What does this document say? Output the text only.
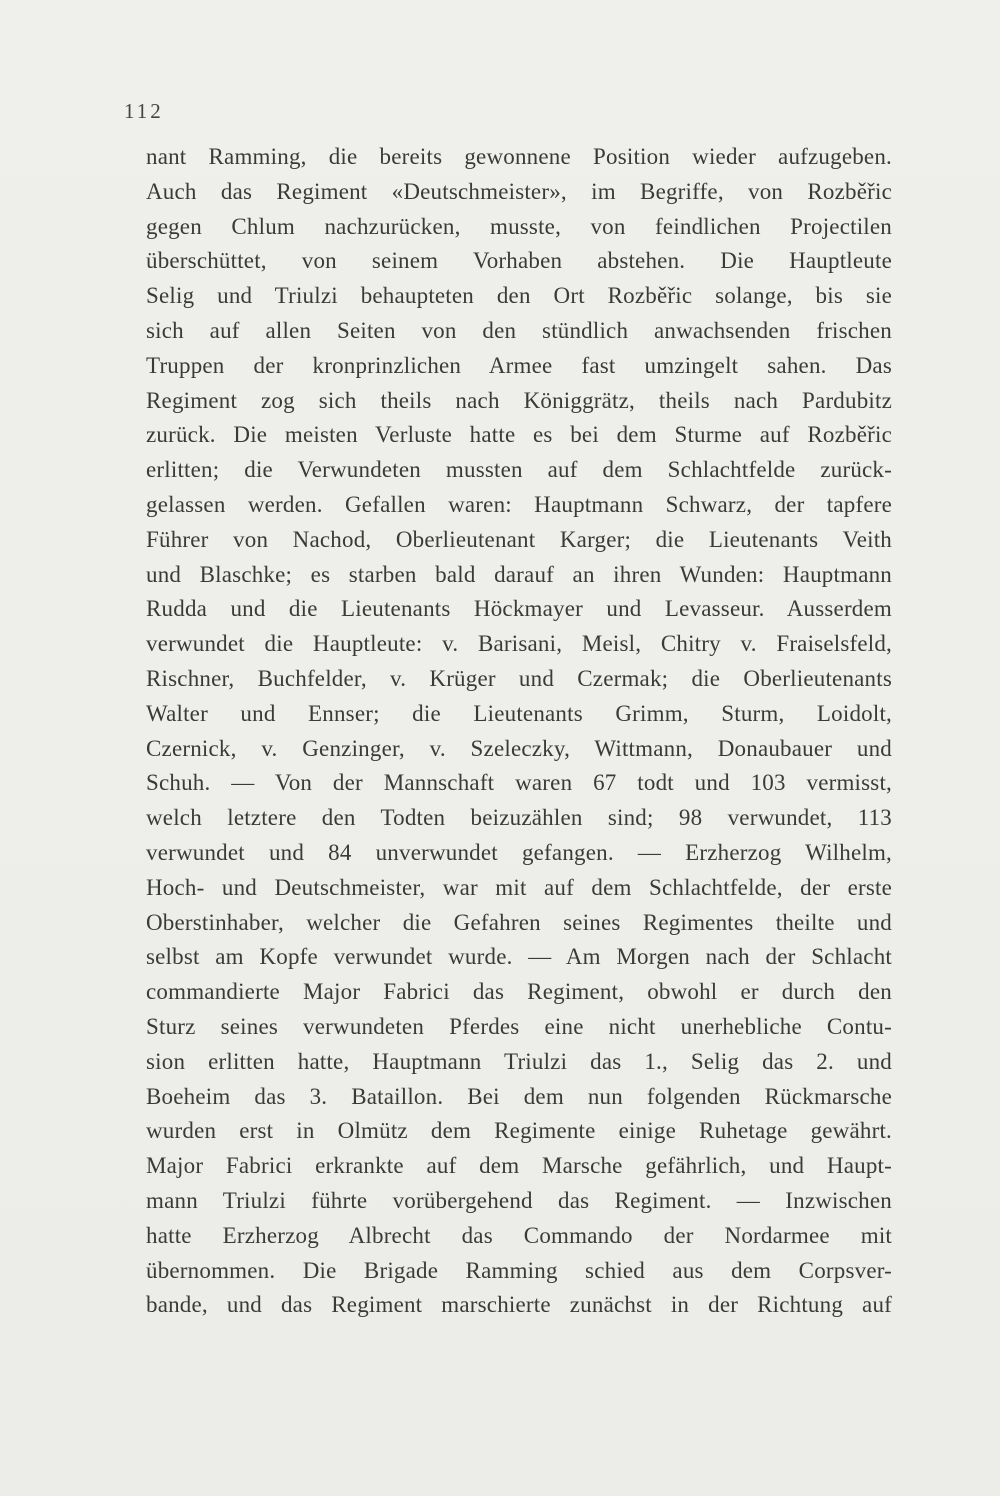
112
nant Ramming, die bereits gewonnene Position wieder aufzugeben.
Auch das Regiment «Deutschmeister», im Begriffe, von Rozběřic
gegen Chlum nachzurücken, musste, von feindlichen Projectilen
überschüttet, von seinem Vorhaben abstehen. Die Hauptleute
Selig und Triulzi behaupteten den Ort Rozběřic solange, bis sie
sich auf allen Seiten von den stündlich anwachsenden frischen
Truppen der kronprinzlichen Armee fast umzingelt sahen. Das
Regiment zog sich theils nach Königgrätz, theils nach Pardubitz
zurück. Die meisten Verluste hatte es bei dem Sturme auf Rozběřic
erlitten; die Verwundeten mussten auf dem Schlachtfelde zurück-
gelassen werden. Gefallen waren: Hauptmann Schwarz, der tapfere
Führer von Nachod, Oberlieutenant Karger; die Lieutenants Veith
und Blaschke; es starben bald darauf an ihren Wunden: Hauptmann
Rudda und die Lieutenants Höckmayer und Levasseur. Ausserdem
verwundet die Hauptleute: v. Barisani, Meisl, Chitry v. Fraiselsfeld,
Rischner, Buchfelder, v. Krüger und Czermak; die Oberlieutenants
Walter und Ennser; die Lieutenants Grimm, Sturm, Loidolt,
Czernick, v. Genzinger, v. Szeleczky, Wittmann, Donaubauer und
Schuh. — Von der Mannschaft waren 67 todt und 103 vermisst,
welch letztere den Todten beizuzählen sind; 98 verwundet, 113
verwundet und 84 unverwundet gefangen. — Erzherzog Wilhelm,
Hoch- und Deutschmeister, war mit auf dem Schlachtfelde, der erste
Oberstinhaber, welcher die Gefahren seines Regimentes theilte und
selbst am Kopfe verwundet wurde. — Am Morgen nach der Schlacht
commandierte Major Fabrici das Regiment, obwohl er durch den
Sturz seines verwundeten Pferdes eine nicht unerhebliche Contu-
sion erlitten hatte, Hauptmann Triulzi das 1., Selig das 2. und
Boeheim das 3. Bataillon. Bei dem nun folgenden Rückmarsche
wurden erst in Olmütz dem Regimente einige Ruhetage gewährt.
Major Fabrici erkrankte auf dem Marsche gefährlich, und Haupt-
mann Triulzi führte vorübergehend das Regiment. — Inzwischen
hatte Erzherzog Albrecht das Commando der Nordarmee mit
übernommen. Die Brigade Ramming schied aus dem Corpsver-
bande, und das Regiment marschierte zunächst in der Richtung auf
